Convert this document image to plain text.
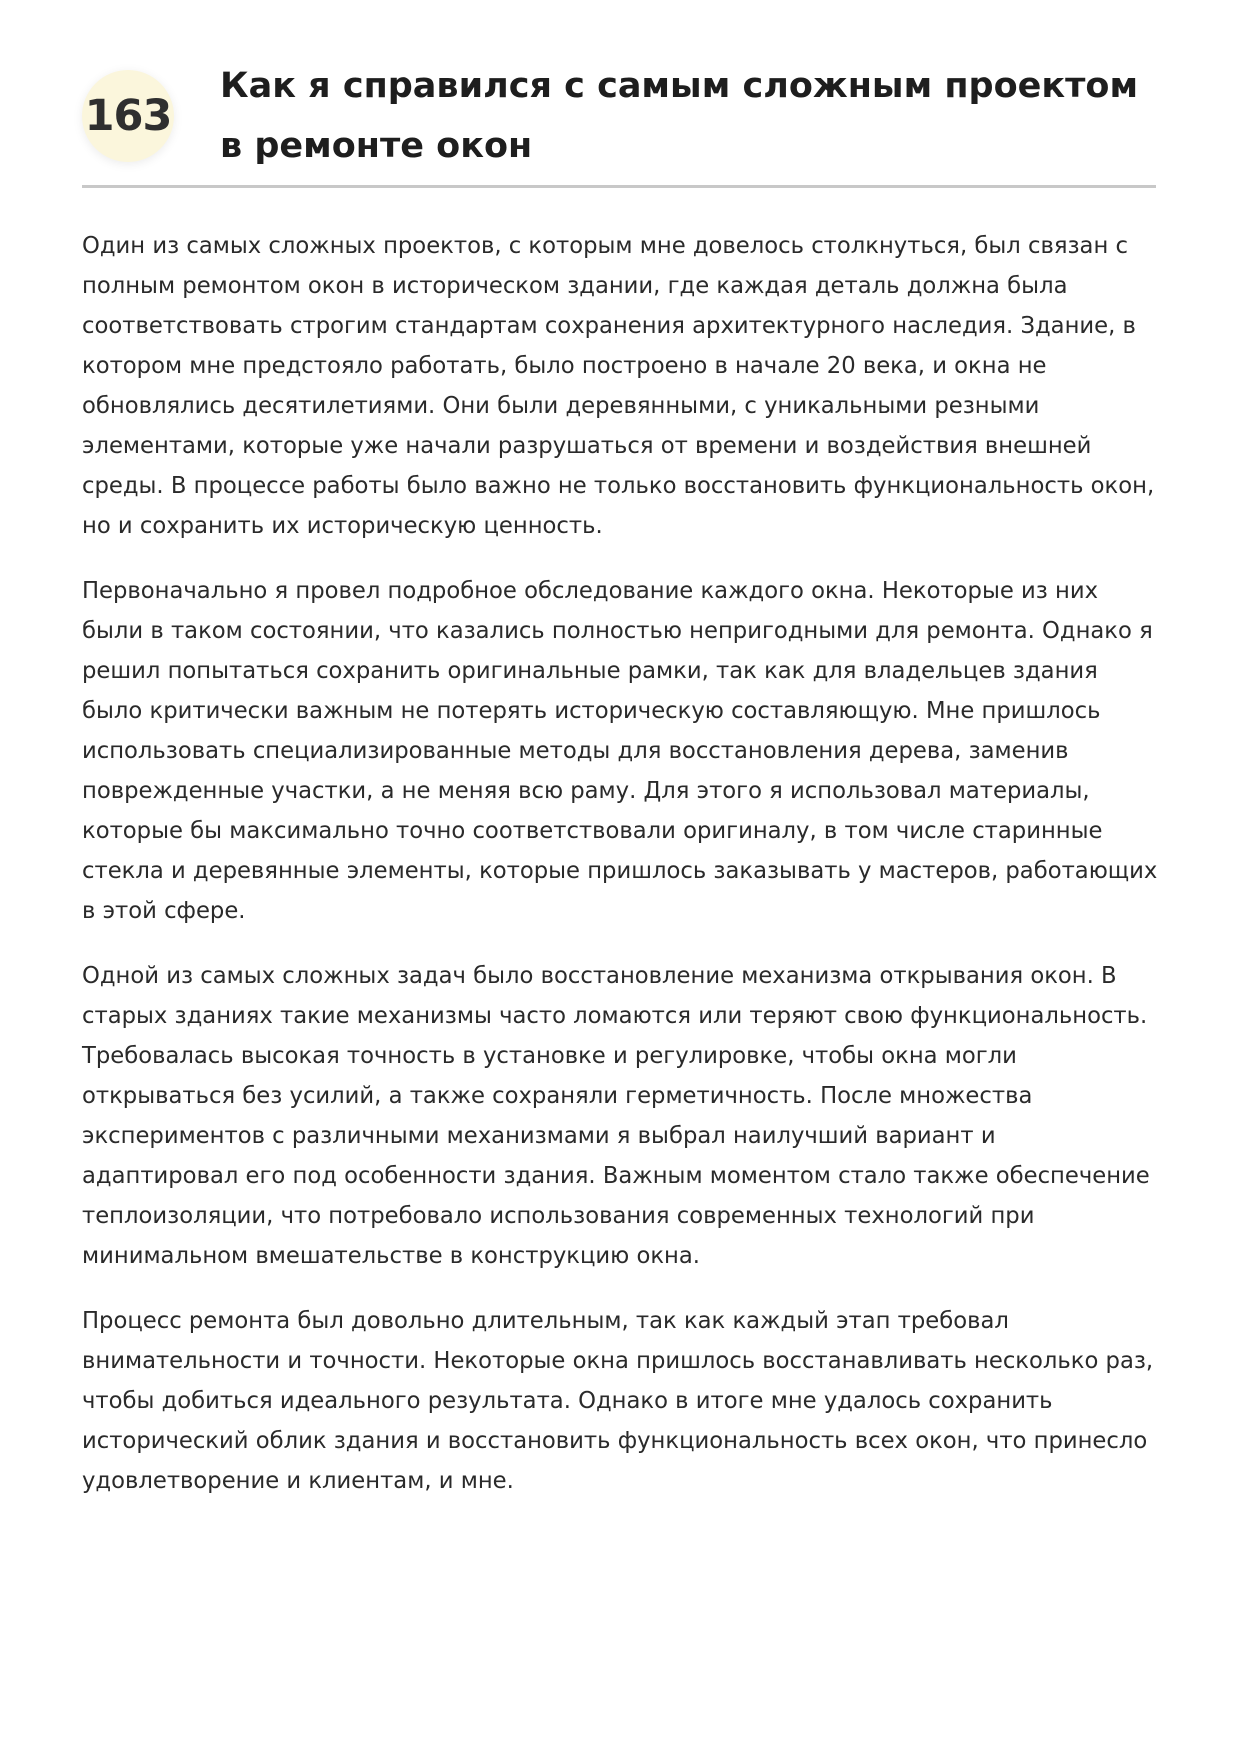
163
Как я справился с самым сложным проектом в ремонте окон

Один из самых сложных проектов, с которым мне довелось столкнуться, был связан с полным ремонтом окон в историческом здании, где каждая деталь должна была соответствовать строгим стандартам сохранения архитектурного наследия. Здание, в котором мне предстояло работать, было построено в начале 20 века, и окна не обновлялись десятилетиями. Они были деревянными, с уникальными резными элементами, которые уже начали разрушаться от времени и воздействия внешней среды. В процессе работы было важно не только восстановить функциональность окон, но и сохранить их историческую ценность.

Первоначально я провел подробное обследование каждого окна. Некоторые из них были в таком состоянии, что казались полностью непригодными для ремонта. Однако я решил попытаться сохранить оригинальные рамки, так как для владельцев здания было критически важным не потерять историческую составляющую. Мне пришлось использовать специализированные методы для восстановления дерева, заменив поврежденные участки, а не меняя всю раму. Для этого я использовал материалы, которые бы максимально точно соответствовали оригиналу, в том числе старинные стекла и деревянные элементы, которые пришлось заказывать у мастеров, работающих в этой сфере.

Одной из самых сложных задач было восстановление механизма открывания окон. В старых зданиях такие механизмы часто ломаются или теряют свою функциональность. Требовалась высокая точность в установке и регулировке, чтобы окна могли открываться без усилий, а также сохраняли герметичность. После множества экспериментов с различными механизмами я выбрал наилучший вариант и адаптировал его под особенности здания. Важным моментом стало также обеспечение теплоизоляции, что потребовало использования современных технологий при минимальном вмешательстве в конструкцию окна.

Процесс ремонта был довольно длительным, так как каждый этап требовал внимательности и точности. Некоторые окна пришлось восстанавливать несколько раз, чтобы добиться идеального результата. Однако в итоге мне удалось сохранить исторический облик здания и восстановить функциональность всех окон, что принесло удовлетворение и клиентам, и мне.
